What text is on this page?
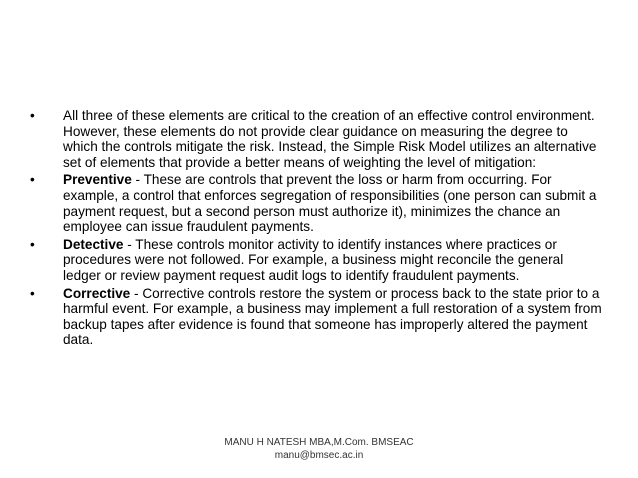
•	All three of these elements are critical to the creation of an effective control environment. However, these elements do not provide clear guidance on measuring the degree to which the controls mitigate the risk. Instead, the Simple Risk Model utilizes an alternative set of elements that provide a better means of weighting the level of mitigation:
•	Preventive - These are controls that prevent the loss or harm from occurring. For example, a control that enforces segregation of responsibilities (one person can submit a payment request, but a second person must authorize it), minimizes the chance an employee can issue fraudulent payments.
•	Detective - These controls monitor activity to identify instances where practices or procedures were not followed. For example, a business might reconcile the general ledger or review payment request audit logs to identify fraudulent payments.
•	Corrective - Corrective controls restore the system or process back to the state prior to a harmful event. For example, a business may implement a full restoration of a system from backup tapes after evidence is found that someone has improperly altered the payment data.
MANU H NATESH MBA,M.Com. BMSEAC
manu@bmsec.ac.in
